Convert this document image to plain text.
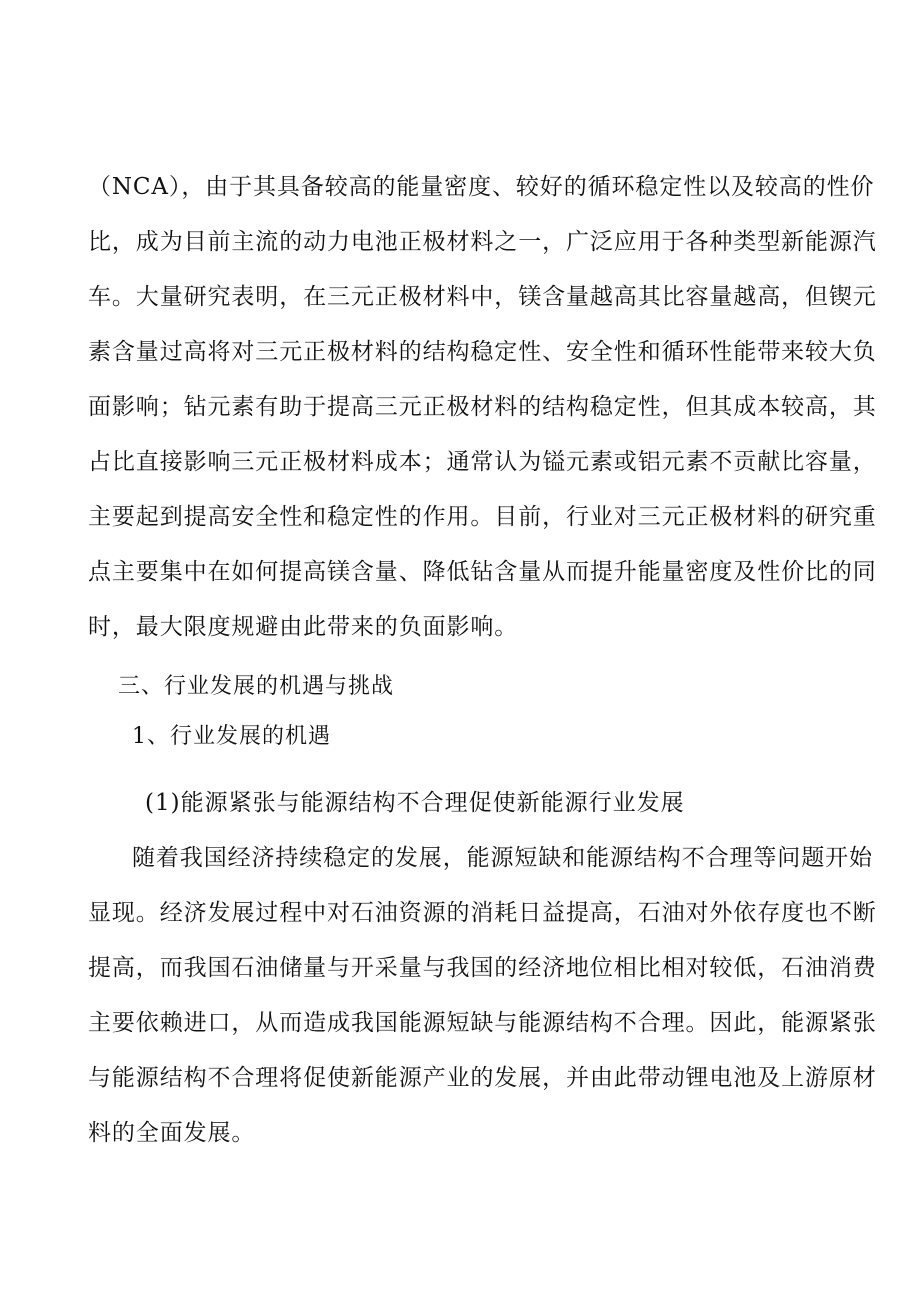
（NCA），由于其具备较高的能量密度、较好的循环稳定性以及较高的性价
比，成为目前主流的动力电池正极材料之一，广泛应用于各种类型新能源汽
车。大量研究表明，在三元正极材料中，镁含量越高其比容量越高，但锲元
素含量过高将对三元正极材料的结构稳定性、安全性和循环性能带来较大负
面影响；钻元素有助于提高三元正极材料的结构稳定性，但其成本较高，其
占比直接影响三元正极材料成本；通常认为镒元素或铝元素不贡献比容量，
主要起到提高安全性和稳定性的作用。目前，行业对三元正极材料的研究重
点主要集中在如何提高镁含量、降低钻含量从而提升能量密度及性价比的同
时，最大限度规避由此带来的负面影响。
三、行业发展的机遇与挑战
1、行业发展的机遇
(1)能源紧张与能源结构不合理促使新能源行业发展
随着我国经济持续稳定的发展，能源短缺和能源结构不合理等问题开始
显现。经济发展过程中对石油资源的消耗日益提高，石油对外依存度也不断
提高，而我国石油储量与开采量与我国的经济地位相比相对较低，石油消费
主要依赖进口，从而造成我国能源短缺与能源结构不合理。因此，能源紧张
与能源结构不合理将促使新能源产业的发展，并由此带动锂电池及上游原材
料的全面发展。
